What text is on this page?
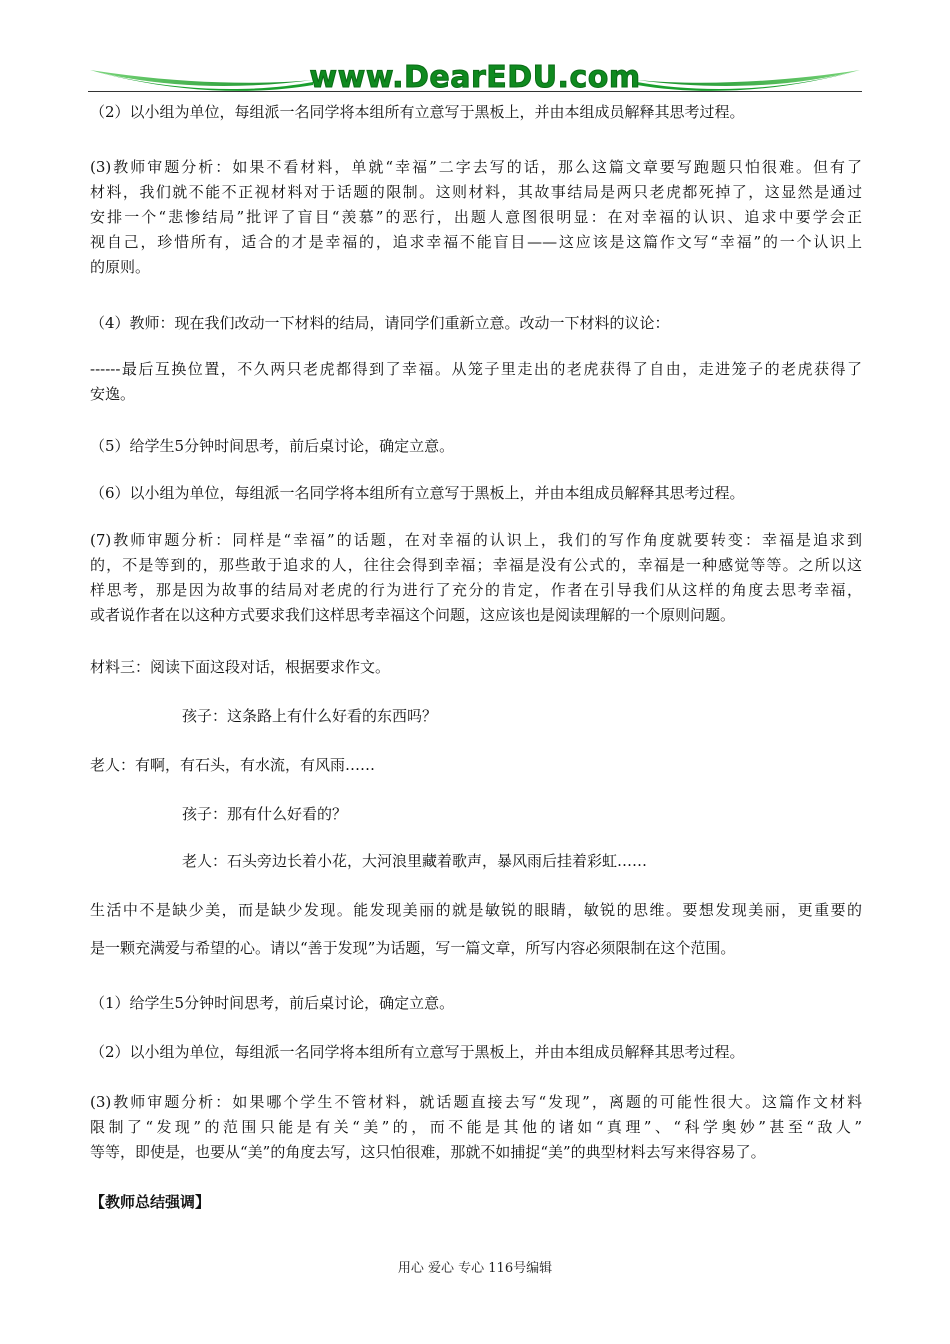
www.DearEDU.com
（2）以小组为单位，每组派一名同学将本组所有立意写于黑板上，并由本组成员解释其思考过程。
(3)教师审题分析：如果不看材料，单就“幸福”二字去写的话，那么这篇文章要写跑题只怕很难。但有了
材料，我们就不能不正视材料对于话题的限制。这则材料，其故事结局是两只老虎都死掉了，这显然是通过
安排一个“悲惨结局”批评了盲目“羡慕”的恶行，出题人意图很明显：在对幸福的认识、追求中要学会正
视自己，珍惜所有，适合的才是幸福的，追求幸福不能盲目——这应该是这篇作文写“幸福”的一个认识上
的原则。
（4）教师：现在我们改动一下材料的结局，请同学们重新立意。改动一下材料的议论：
------最后互换位置，不久两只老虎都得到了幸福。从笼子里走出的老虎获得了自由，走进笼子的老虎获得了
安逸。
（5）给学生5分钟时间思考，前后桌讨论，确定立意。
（6）以小组为单位，每组派一名同学将本组所有立意写于黑板上，并由本组成员解释其思考过程。
(7)教师审题分析：同样是“幸福”的话题，在对幸福的认识上，我们的写作角度就要转变：幸福是追求到
的，不是等到的，那些敢于追求的人，往往会得到幸福；幸福是没有公式的，幸福是一种感觉等等。之所以这
样思考，那是因为故事的结局对老虎的行为进行了充分的肯定，作者在引导我们从这样的角度去思考幸福，
或者说作者在以这种方式要求我们这样思考幸福这个问题，这应该也是阅读理解的一个原则问题。
材料三：阅读下面这段对话，根据要求作文。
孩子：这条路上有什么好看的东西吗？
老人：有啊，有石头，有水流，有风雨……
孩子：那有什么好看的？
老人：石头旁边长着小花，大河浪里藏着歌声，暴风雨后挂着彩虹……
生活中不是缺少美，而是缺少发现。能发现美丽的就是敏锐的眼睛，敏锐的思维。要想发现美丽，更重要的
是一颗充满爱与希望的心。请以“善于发现”为话题，写一篇文章，所写内容必须限制在这个范围。
（1）给学生5分钟时间思考，前后桌讨论，确定立意。
（2）以小组为单位，每组派一名同学将本组所有立意写于黑板上，并由本组成员解释其思考过程。
(3)教师审题分析：如果哪个学生不管材料，就话题直接去写“发现”，离题的可能性很大。这篇作文材料
限制了“发现”的范围只能是有关“美”的，而不能是其他的诸如“真理”、“科学奥妙”甚至“敌人”
等等，即使是，也要从“美”的角度去写，这只怕很难，那就不如捕捉“美”的典型材料去写来得容易了。
【教师总结强调】
用心 爱心 专心 116号编辑
